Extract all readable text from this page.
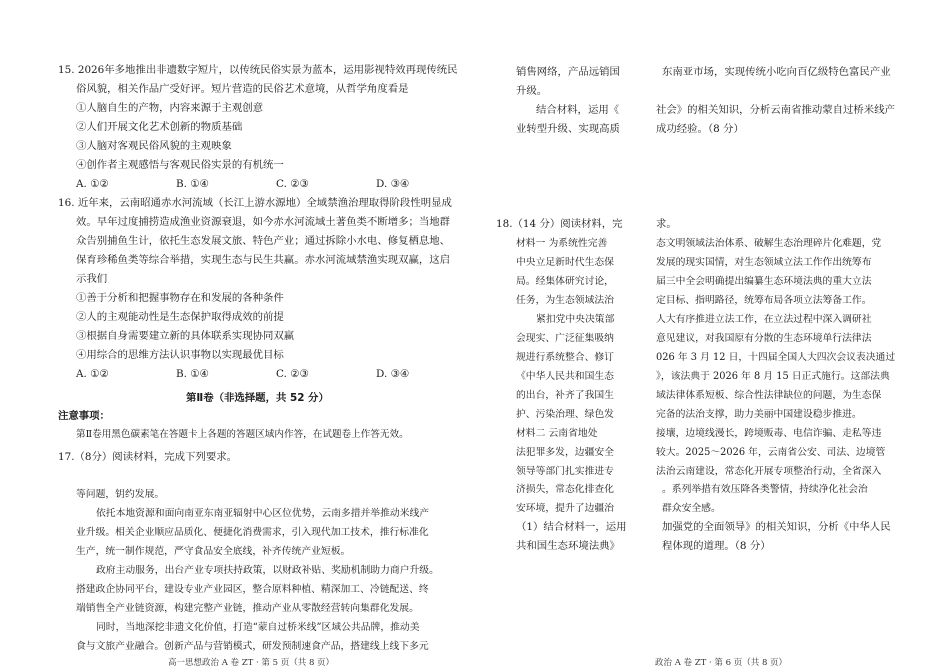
15. 2026年多地推出非遗数字短片，以传统民俗实景为蓝本，运用影视特效再现传统民
俗风貌，相关作品广受好评。短片营造的民俗艺术意境，从哲学角度看是
①人脑自生的产物，内容来源于主观创意
②人们开展文化艺术创新的物质基础
③人脑对客观民俗风貌的主观映象
④创作者主观感悟与客观民俗实景的有机统一
A. ①②	B. ①④	C. ②③	D. ③④
16. 近年来，云南昭通赤水河流域（长江上游水源地）全域禁渔治理取得阶段性明显成
效。早年过度捕捞造成渔业资源衰退，如今赤水河流域土著鱼类不断增多；当地群
众告别捕鱼生计，依托生态发展文旅、特色产业；通过拆除小水电、修复栖息地、
保育珍稀鱼类等综合举措，实现生态与民生共赢。赤水河流域禁渔实现双赢，这启
示我们
①善于分析和把握事物存在和发展的各种条件
②人的主观能动性是生态保护取得成效的前提
③根据自身需要建立新的具体联系实现协同双赢
④用综合的思维方法认识事物以实现最优目标
A. ①②	B. ①④	C. ②③	D. ③④
第Ⅱ卷（非选择题，共 52 分）
注意事项：
第Ⅱ卷用黑色碳素笔在答题卡上各题的答题区域内作答，在试题卷上作答无效。
17.（8分）阅读材料，完成下列要求。
等问题，钥约发展。
依托本地资源和面向南亚东南亚辐射中心区位优势，云南多措并举推动米线产
业升级。相关企业顺应品质化、便捷化消费需求，引入现代加工技术，推行标准化
生产，统一制作规范，严守食品安全底线，补齐传统产业短板。
政府主动服务，出台产业专项扶持政策，以财政补贴、奖励机制助力商户升级。
搭建政企协同平台，建设专业产业园区，整合原料种植、精深加工、冷链配送、终
端销售全产业链资源，构建完整产业链，推动产业从零散经营转向集群化发展。
同时，当地深挖非遗文化价值，打造“蒙自过桥米线”区域公共品牌，推动美
食与文旅产业融合。创新产品与营销模式，研发预制速食产品，搭建线上线下多元
高一思想政治 A 卷 ZT · 第 5 页（共 8 页）
销售网络，产品远销国
升级。
东南亚市场，实现传统小吃向百亿级特色富民产业
结合材料，运用《
业转型升级、实现高质
社会》的相关知识，分析云南省推动蒙自过桥米线产
成功经验。（8 分）
18.（14 分）阅读材料，完	求。
材料一 为系统性完善
中央立足新时代生态保
局。经集体研究讨论，
任务，为生态领域法治
紧扣党中央决策部
会现实、广泛征集吸纳
规进行系统整合、修订
《中华人民共和国生态
的出台，补齐了我国生
护、污染治理、绿色发
材料二 云南省地处
法犯罪多发，边疆安全
领导等部门扎实推进专
态文明领域法治体系、破解生态治理碎片化难题，党
发展的现实国情，对生态领域立法工作作出统筹布
届三中全会明确提出编纂生态环境法典的重大立法
定目标、指明路径，统筹布局各项立法筹备工作。
人大有序推进立法工作，在立法过程中深入调研社
意见建议，对我国原有分散的生态环境单行法律法
026 年 3 月 12 日，十四届全国人大四次会议表决通过
》，该法典于 2026 年 8 月 15 日正式施行。这部法典
域法律体系短板、综合性法律缺位的问题，为生态保
完备的法治支撑，助力美丽中国建设稳步推进。
接壤，边境线漫长，跨境贩毒、电信诈骗、走私等违
较大。2025～2026 年，云南省公安、司法、边境管
法治云南建设，常态化开展专项整治行动，全省深入
济损失，常态化排查化
安环境，提升了边疆治
。系列举措有效压降各类警情，持续净化社会治
群众安全感。
（1）结合材料一，运用
共和国生态环境法典》
加强党的全面领导》的相关知识，分析《中华人民
程体现的道理。（8 分）
政治 A 卷 ZT · 第 6 页（共 8 页）
